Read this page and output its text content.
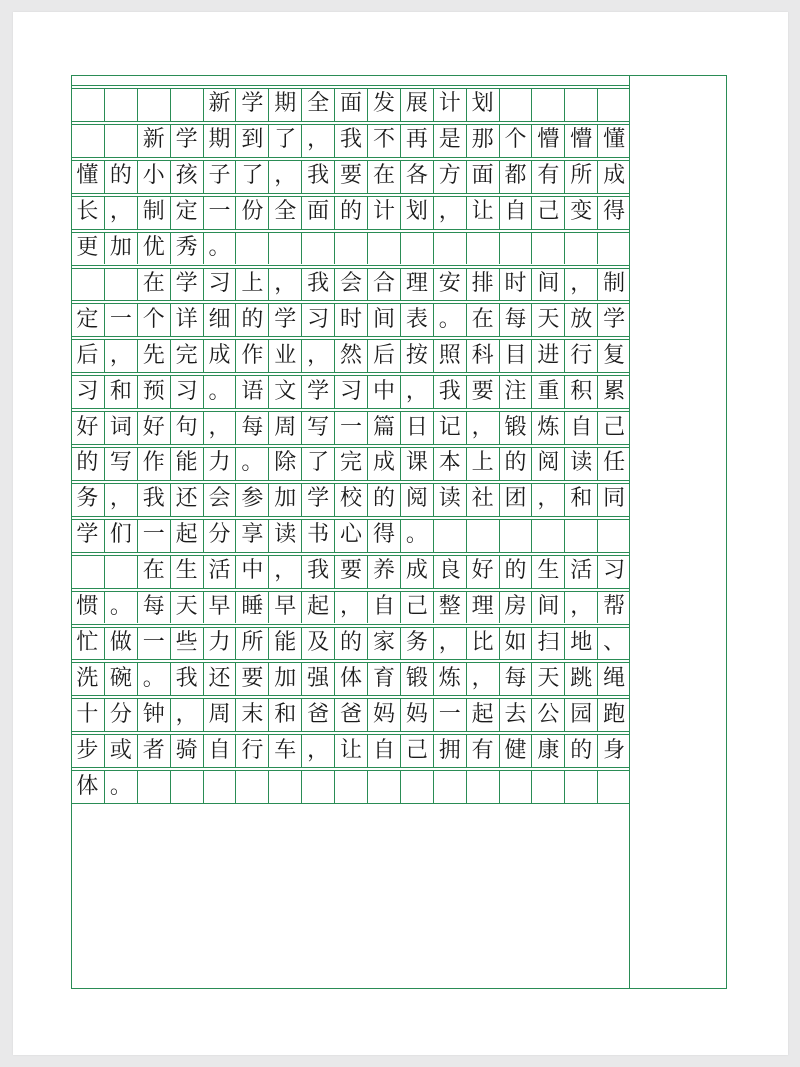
新 学 期 全 面 发 展 计 划
新 学 期 到 了 ， 我 不 再 是 那 个 懵 懵 懂
懂 的 小 孩 子 了 ， 我 要 在 各 方 面 都 有 所 成
长 ， 制 定 一 份 全 面 的 计 划 ， 让 自 己 变 得
更 加 优 秀 。
在 学 习 上 ， 我 会 合 理 安 排 时 间 ， 制
定 一 个 详 细 的 学 习 时 间 表 。 在 每 天 放 学
后 ， 先 完 成 作 业 ， 然 后 按 照 科 目 进 行 复
习 和 预 习 。 语 文 学 习 中 ， 我 要 注 重 积 累
好 词 好 句 ， 每 周 写 一 篇 日 记 ， 锻 炼 自 己
的 写 作 能 力 。 除 了 完 成 课 本 上 的 阅 读 任
务 ， 我 还 会 参 加 学 校 的 阅 读 社 团 ， 和 同
学 们 一 起 分 享 读 书 心 得 。
在 生 活 中 ， 我 要 养 成 良 好 的 生 活 习
惯 。 每 天 早 睡 早 起 ， 自 己 整 理 房 间 ， 帮
忙 做 一 些 力 所 能 及 的 家 务 ， 比 如 扫 地 、
洗 碗 。 我 还 要 加 强 体 育 锻 炼 ， 每 天 跳 绳
十 分 钟 ， 周 末 和 爸 爸 妈 妈 一 起 去 公 园 跑
步 或 者 骑 自 行 车 ， 让 自 己 拥 有 健 康 的 身
体 。
